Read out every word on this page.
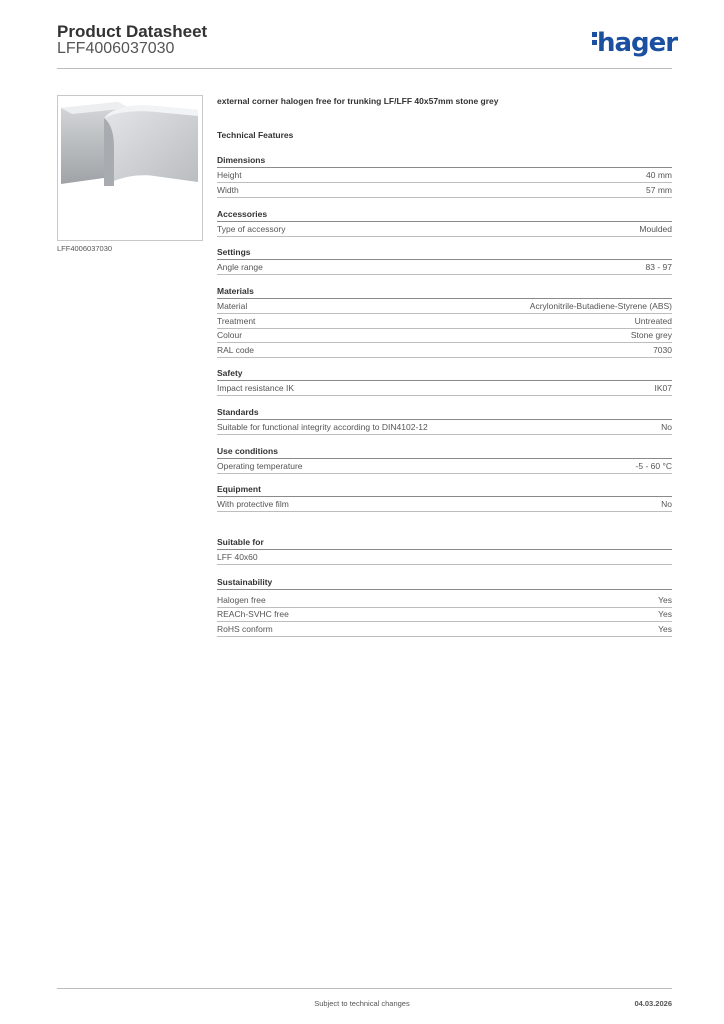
Product Datasheet
LFF4006037030	hager
LFF4006037030
external corner halogen free for trunking LF/LFF 40x57mm stone grey
Technical Features
Dimensions
Height	40 mm
Width	57 mm
Accessories
Type of accessory	Moulded
Settings
Angle range	83 - 97
Materials
Material	Acrylonitrile-Butadiene-Styrene (ABS)
Treatment	Untreated
Colour	Stone grey
RAL code	7030
Safety
Impact resistance IK	IK07
Standards
Suitable for functional integrity according to DIN4102-12	No
Use conditions
Operating temperature	-5 - 60 °C
Equipment
With protective film	No
Suitable for
LFF 40x60
Sustainability
Halogen free	Yes
REACh-SVHC free	Yes
RoHS conform	Yes
Subject to technical changes	04.03.2026
